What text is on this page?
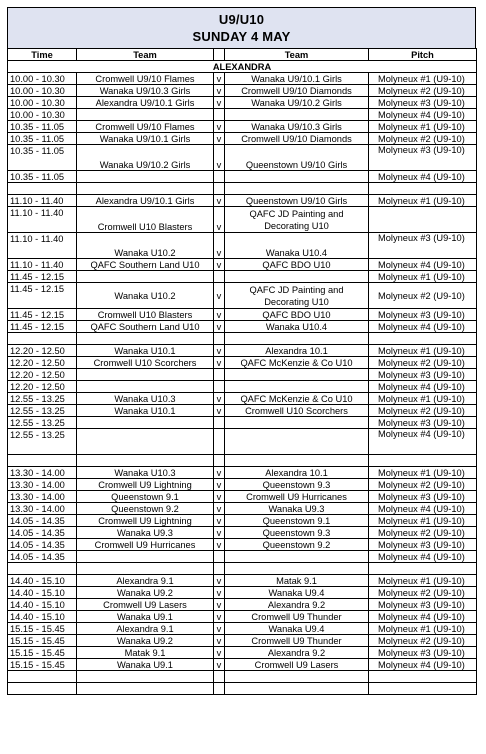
U9/U10
SUNDAY 4 MAY
Time	Team		Team	Pitch
ALEXANDRA				
10.00 - 10.30	Cromwell U9/10 Flames	v	Wanaka U9/10.1 Girls	Molyneux #1 (U9-10)
10.00 - 10.30	Wanaka U9/10.3 Girls	v	Cromwell U9/10 Diamonds	Molyneux #2 (U9-10)
10.00 - 10.30	Alexandra U9/10.1 Girls	v	Wanaka U9/10.2 Girls	Molyneux #3 (U9-10)
10.00 - 10.30				Molyneux #4 (U9-10)
10.35 - 11.05	Cromwell U9/10 Flames	v	Wanaka U9/10.3 Girls	Molyneux #1 (U9-10)
10.35 - 11.05	Wanaka U9/10.1 Girls	v	Cromwell U9/10 Diamonds	Molyneux #2 (U9-10)
10.35 - 11.05	Wanaka U9/10.2 Girls	v	Queenstown U9/10 Girls	Molyneux #3 (U9-10)
10.35 - 11.05				Molyneux #4 (U9-10)

11.10 - 11.40	Alexandra U9/10.1 Girls	v	Queenstown U9/10 Girls	Molyneux #1 (U9-10)
11.10 - 11.40	Cromwell U10 Blasters	v	QAFC JD Painting and Decorating U10	
11.10 - 11.40	Wanaka U10.2	v	Wanaka U10.4	Molyneux #3 (U9-10)
11.10 - 11.40	QAFC Southern Land U10	v	QAFC BDO U10	Molyneux #4 (U9-10)
11.45 - 12.15				Molyneux #1 (U9-10)
11.45 - 12.15	Wanaka U10.2	v	QAFC JD Painting and Decorating U10	Molyneux #2 (U9-10)
11.45 - 12.15	Cromwell U10 Blasters	v	QAFC BDO U10	Molyneux #3 (U9-10)
11.45 - 12.15	QAFC Southern Land U10	v	Wanaka U10.4	Molyneux #4 (U9-10)

12.20 - 12.50	Wanaka U10.1	v	Alexandra 10.1	Molyneux #1 (U9-10)
12.20 - 12.50	Cromwell U10 Scorchers	v	QAFC McKenzie & Co U10	Molyneux #2 (U9-10)
12.20 - 12.50				Molyneux #3 (U9-10)
12.20 - 12.50				Molyneux #4 (U9-10)
12.55 - 13.25	Wanaka U10.3	v	QAFC McKenzie & Co U10	Molyneux #1 (U9-10)
12.55 - 13.25	Wanaka U10.1	v	Cromwell U10 Scorchers	Molyneux #2 (U9-10)
12.55 - 13.25				Molyneux #3 (U9-10)
12.55 - 13.25				Molyneux #4 (U9-10)

13.30 - 14.00	Wanaka U10.3	v	Alexandra 10.1	Molyneux #1 (U9-10)
13.30 - 14.00	Cromwell U9 Lightning	v	Queenstown 9.3	Molyneux #2 (U9-10)
13.30 - 14.00	Queenstown 9.1	v	Cromwell U9 Hurricanes	Molyneux #3 (U9-10)
13.30 - 14.00	Queenstown 9.2	v	Wanaka U9.3	Molyneux #4 (U9-10)
14.05 - 14.35	Cromwell U9 Lightning	v	Queenstown 9.1	Molyneux #1 (U9-10)
14.05 - 14.35	Wanaka U9.3	v	Queenstown 9.3	Molyneux #2 (U9-10)
14.05 - 14.35	Cromwell U9 Hurricanes	v	Queenstown 9.2	Molyneux #3 (U9-10)
14.05 - 14.35				Molyneux #4 (U9-10)

14.40 - 15.10	Alexandra 9.1	v	Matak 9.1	Molyneux #1 (U9-10)
14.40 - 15.10	Wanaka U9.2	v	Wanaka U9.4	Molyneux #2 (U9-10)
14.40 - 15.10	Cromwell U9 Lasers	v	Alexandra 9.2	Molyneux #3 (U9-10)
14.40 - 15.10	Wanaka U9.1	v	Cromwell U9 Thunder	Molyneux #4 (U9-10)
15.15 - 15.45	Alexandra 9.1	v	Wanaka U9.4	Molyneux #1 (U9-10)
15.15 - 15.45	Wanaka U9.2	v	Cromwell U9 Thunder	Molyneux #2 (U9-10)
15.15 - 15.45	Matak 9.1	v	Alexandra 9.2	Molyneux #3 (U9-10)
15.15 - 15.45	Wanaka U9.1	v	Cromwell U9 Lasers	Molyneux #4 (U9-10)
